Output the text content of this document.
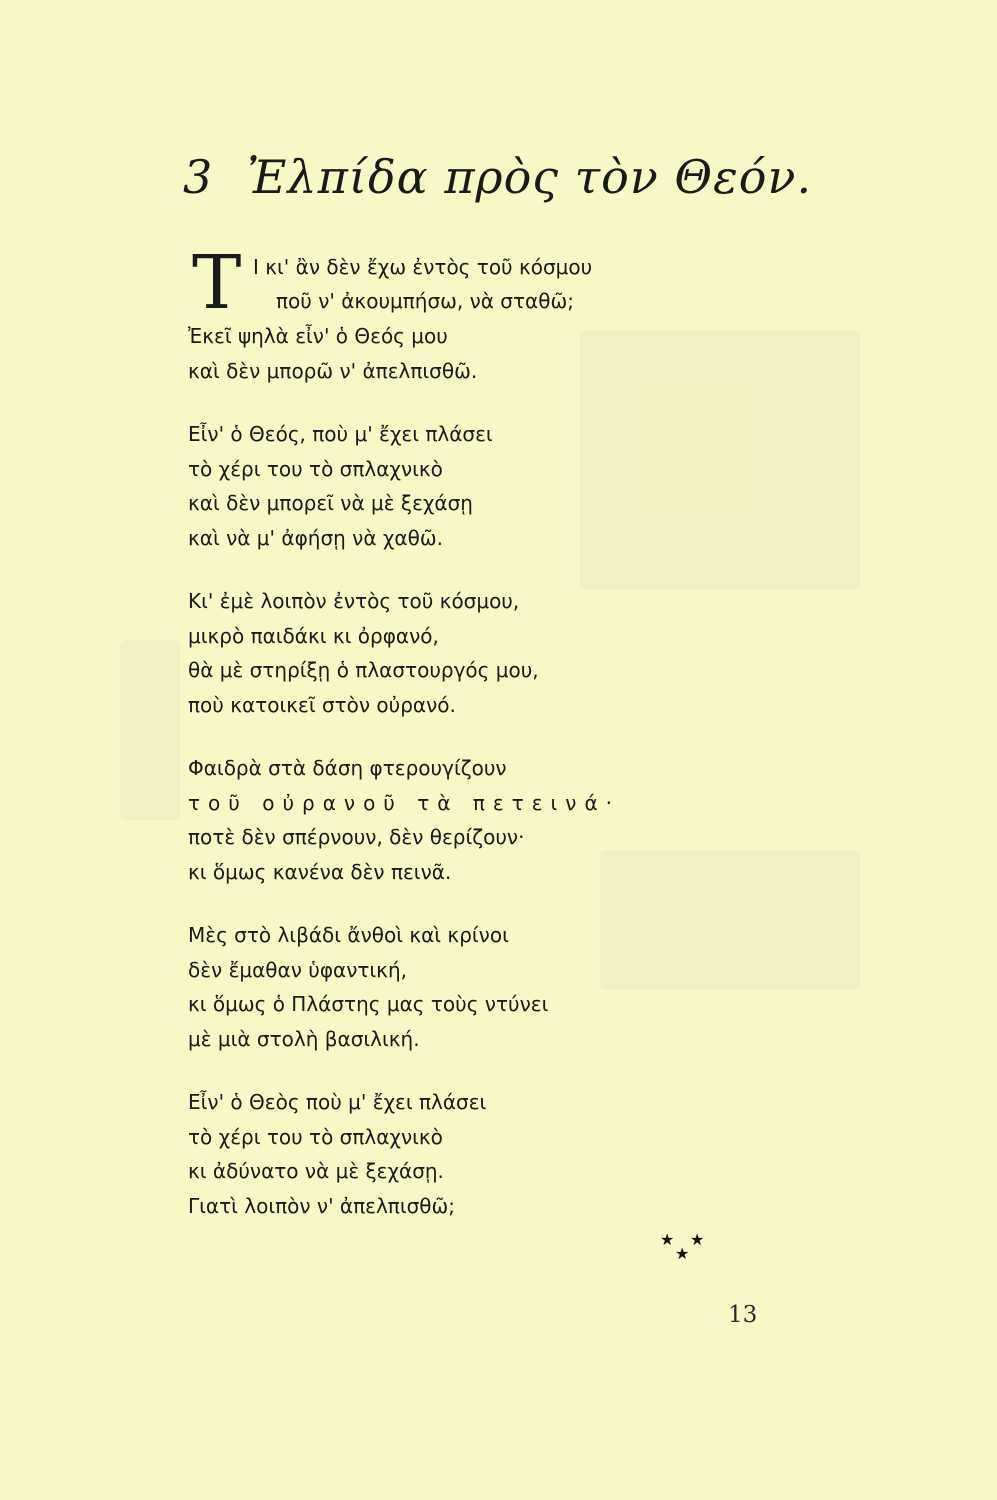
3 Ἐλπίδα πρὸς τὸν Θεόν.
T Ι κι' ἂν δὲν ἔχω ἐντὸς τοῦ κόσμου
ποῦ ν' ἀκουμπήσω, νὰ σταθῶ;
Ἐκεῖ ψηλὰ εἶν' ὁ Θεός μου
καὶ δὲν μπορῶ ν' ἀπελπισθῶ.
Εἶν' ὁ Θεός, ποὺ μ' ἔχει πλάσει
τὸ χέρι του τὸ σπλαχνικὸ
καὶ δὲν μπορεῖ νὰ μὲ ξεχάσῃ
καὶ νὰ μ' ἀφήσῃ νὰ χαθῶ.
Κι' ἐμὲ λοιπὸν ἐντὸς τοῦ κόσμου,
μικρὸ παιδάκι κι ὀρφανό,
θὰ μὲ στηρίξῃ ὁ πλαστουργός μου,
ποὺ κατοικεῖ στὸν οὐρανό.
Φαιδρὰ στὰ δάση φτερουγίζουν
τοῦ οὐρανοῦ τὰ πετεινά·
ποτὲ δὲν σπέρνουν, δὲν θερίζουν·
κι ὅμως κανένα δὲν πεινᾶ.
Μὲς στὸ λιβάδι ἄνθοὶ καὶ κρίνοι
δὲν ἔμαθαν ὑφαντική,
κι ὅμως ὁ Πλάστης μας τοὺς ντύνει
μὲ μιὰ στολὴ βασιλική.
Εἶν' ὁ Θεὸς ποὺ μ' ἔχει πλάσει
τὸ χέρι του τὸ σπλαχνικὸ
κι ἀδύνατο νὰ μὲ ξεχάσῃ.
Γιατὶ λοιπὸν ν' ἀπελπισθῶ;
★ ★
★
13
